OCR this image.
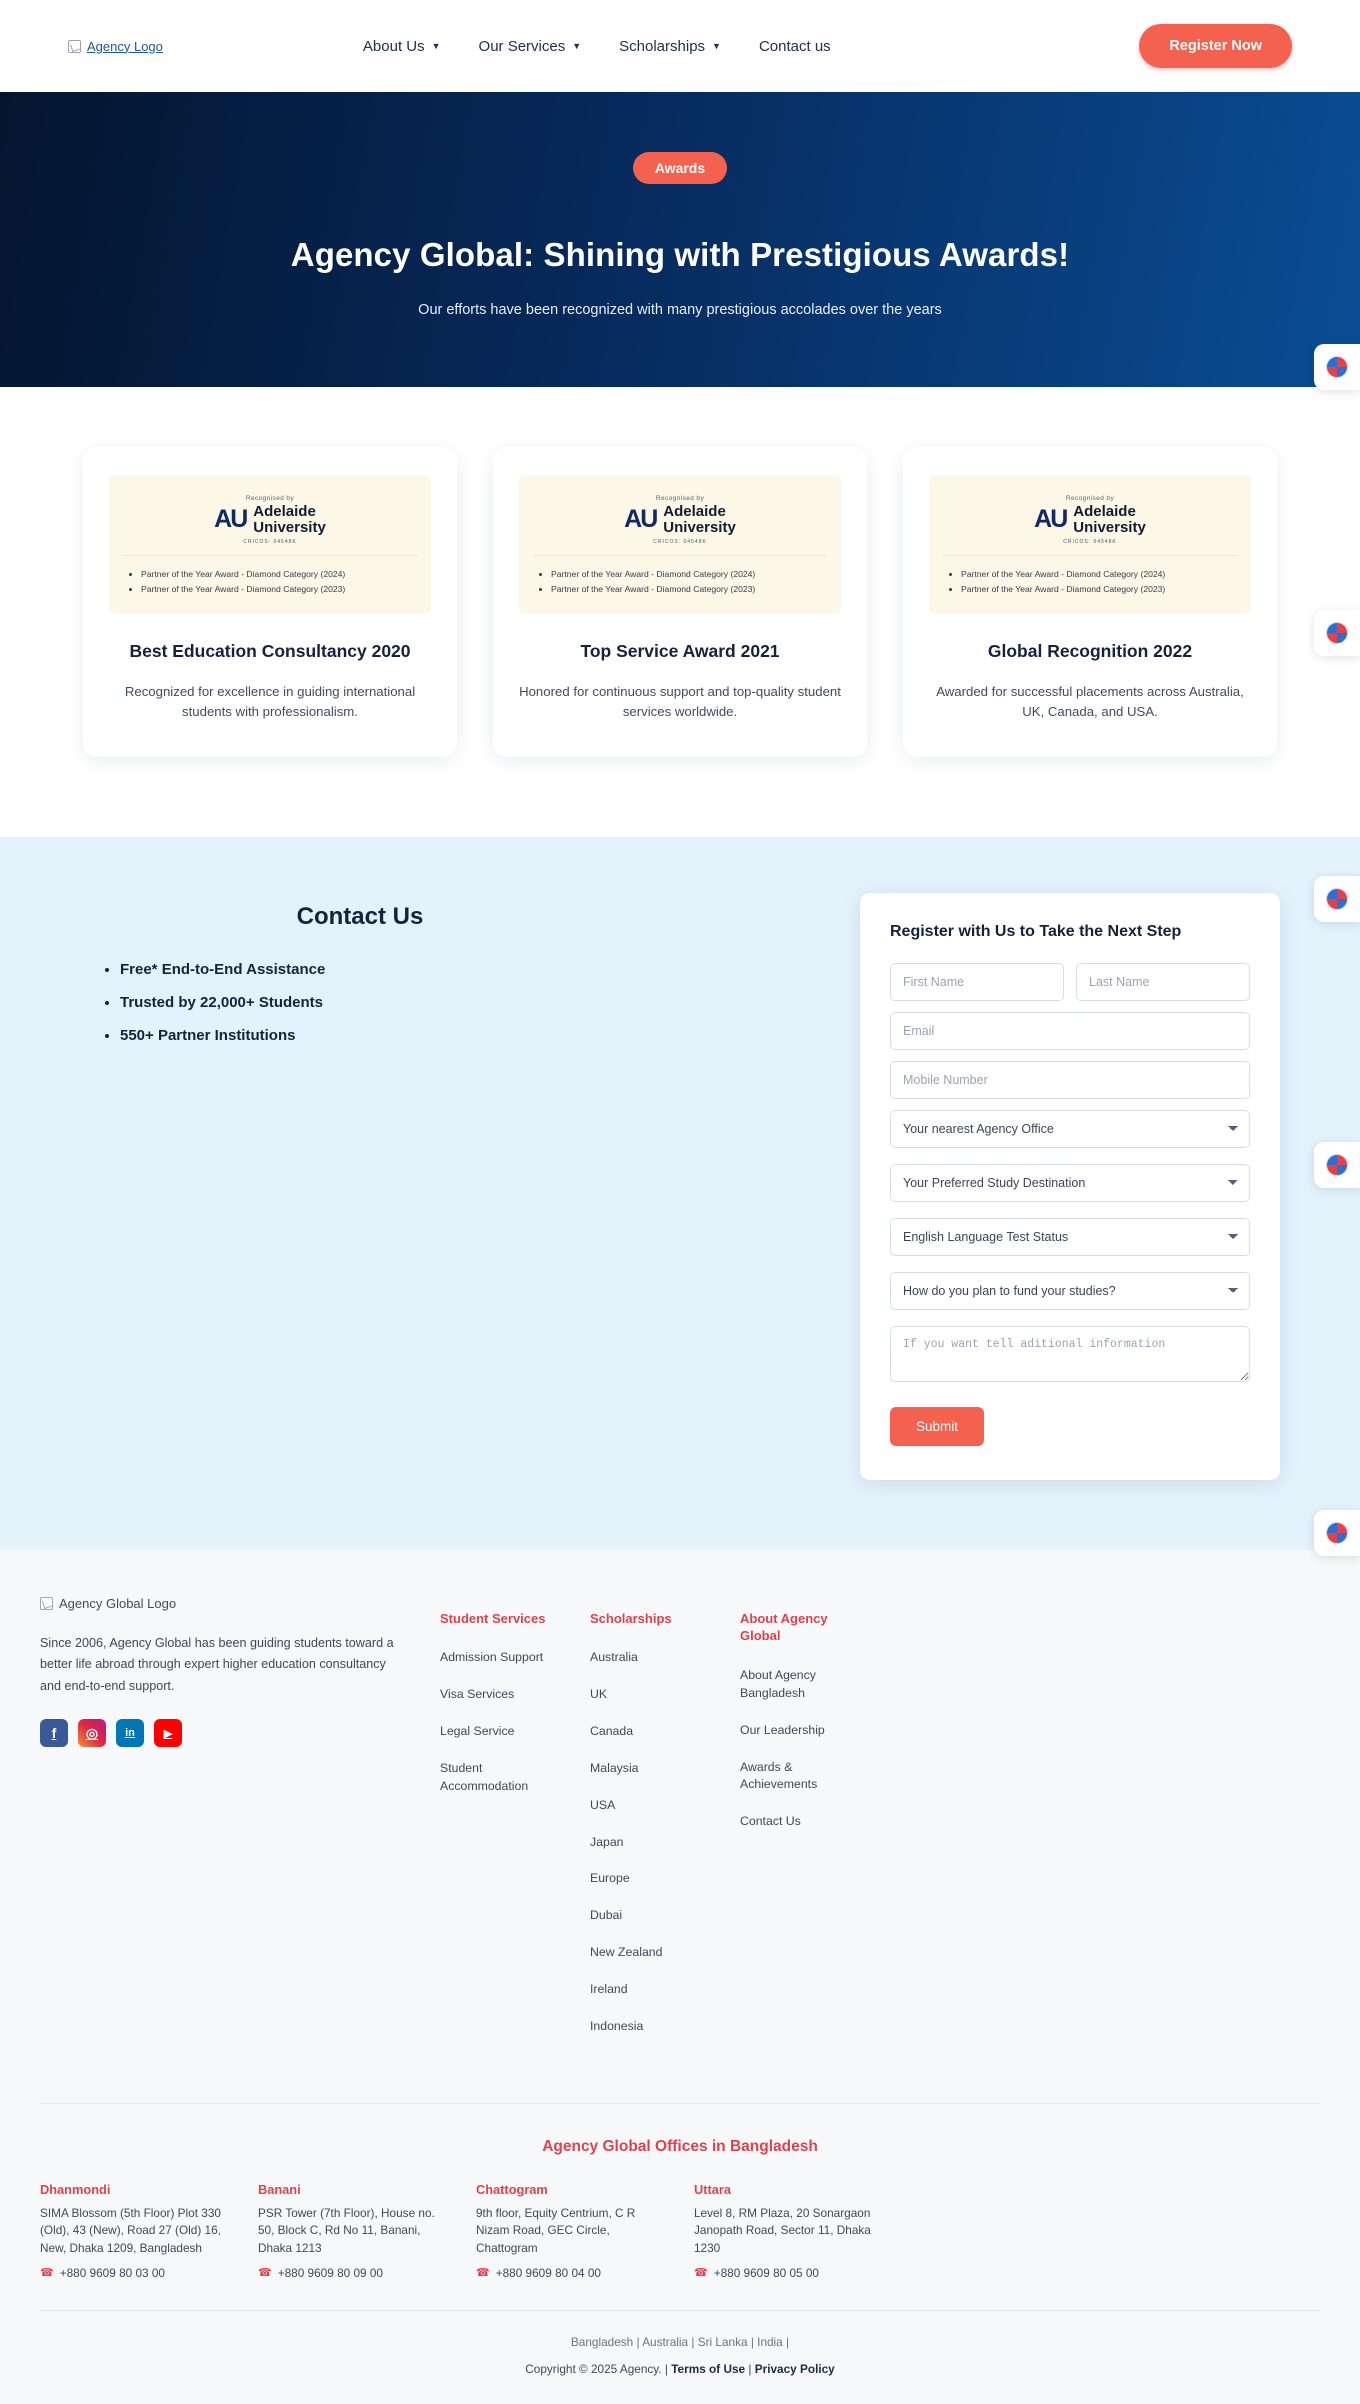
Agency Logo	About Us ▼	Our Services ▼	Scholarships ▼	Contact us	Register Now
Awards
Agency Global: Shining with Prestigious Awards!

Our efforts have been recognized with many prestigious accolades over the years

Recognised by
AU Adelaide
University
CRICOS: 04548K
• Partner of the Year Award - Diamond Category (2024)
• Partner of the Year Award - Diamond Category (2023)
Best Education Consultancy 2020

Recognized for excellence in guiding international students with professionalism.

Recognised by
AU Adelaide
University
CRICOS: 04548K
• Partner of the Year Award - Diamond Category (2024)
• Partner of the Year Award - Diamond Category (2023)
Top Service Award 2021

Honored for continuous support and top-quality student services worldwide.

Recognised by
AU Adelaide
University
CRICOS: 04548K
• Partner of the Year Award - Diamond Category (2024)
• Partner of the Year Award - Diamond Category (2023)
Global Recognition 2022

Awarded for successful placements across Australia, UK, Canada, and USA.

Contact Us
• Free* End-to-End Assistance
• Trusted by 22,000+ Students
• 550+ Partner Institutions
Register with Us to Take the Next Step
First Name
Last Name
Email Mobile Number
Your nearest Agency Office
Your Preferred Study Destination
English Language Test Status
How do you plan to fund your studies? If you want tell aditional information Submit
Agency Global Logo

Since 2006, Agency Global has been guiding students toward a better life abroad through expert higher education consultancy and end-to-end support.

f	◎	in	▶
Student Services
Admission Support
Visa Services
Legal Service
Student Accommodation
Scholarships
Australia
UK
Canada
Malaysia
USA
Japan
Europe
Dubai
New Zealand
Ireland
Indonesia
About Agency Global
About Agency Bangladesh
Our Leadership
Awards & Achievements
Contact Us
Agency Global Offices in Bangladesh
Dhanmondi

SIMA Blossom (5th Floor) Plot 330 (Old), 43 (New), Road 27 (Old) 16, New, Dhaka 1209, Bangladesh

☎ +880 9609 80 03 00
Banani

PSR Tower (7th Floor), House no. 50, Block C, Rd No 11, Banani, Dhaka 1213

☎ +880 9609 80 09 00
Chattogram

9th floor, Equity Centrium, C R Nizam Road, GEC Circle, Chattogram

☎ +880 9609 80 04 00
Uttara

Level 8, RM Plaza, 20 Sonargaon Janopath Road, Sector 11, Dhaka 1230

☎ +880 9609 80 05 00
Bangladesh | Australia | Sri Lanka | India |
Copyright © 2025 Agency. | Terms of Use | Privacy Policy
